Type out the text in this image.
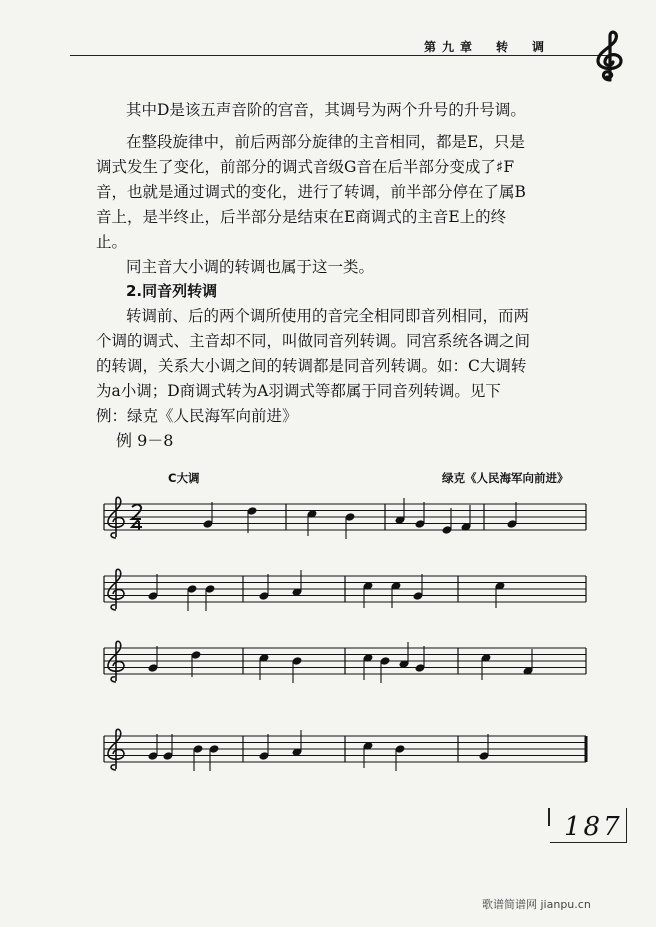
第九章　转　调
其中D是该五声音阶的宫音，其调号为两个升号的升号调。
在整段旋律中，前后两部分旋律的主音相同，都是E，只是
调式发生了变化，前部分的调式音级G音在后半部分变成了♯F
音，也就是通过调式的变化，进行了转调，前半部分停在了属B
音上，是半终止，后半部分是结束在E商调式的主音E上的终
止。
同主音大小调的转调也属于这一类。
2.同音列转调
转调前、后的两个调所使用的音完全相同即音列相同，而两
个调的调式、主音却不同，叫做同音列转调。同宫系统各调之间
的转调，关系大小调之间的转调都是同音列转调。如：C大调转
为a小调；D商调式转为A羽调式等都属于同音列转调。见下
例：绿克《人民海军向前进》
例 9－8
C大调	绿克《人民海军向前进》
187
歌谱简谱网 jianpu.cn
